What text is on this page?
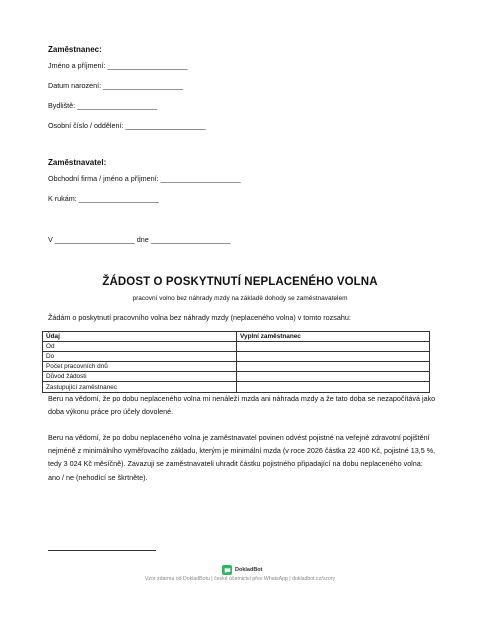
Zaměstnanec:
Jméno a příjmení: ____________________
Datum narození: ____________________
Bydliště: ____________________
Osobní číslo / oddělení: ____________________
Zaměstnavatel:
Obchodní firma / jméno a příjmení: ____________________
K rukám: ____________________
V ____________________ dne ____________________
ŽÁDOST O POSKYTNUTÍ NEPLACENÉHO VOLNA
pracovní volno bez náhrady mzdy na základě dohody se zaměstnavatelem
Žádám o poskytnutí pracovního volna bez náhrady mzdy (neplaceného volna) v tomto rozsahu:
Údaj	Vyplní zaměstnanec
Od	
Do	
Počet pracovních dnů	
Důvod žádosti	
Zastupující zaměstnanec	
Beru na vědomí, že po dobu neplaceného volna mi nenáleží mzda ani náhrada mzdy a že tato doba se nezapočítává jako doba výkonu práce pro účely dovolené.
Beru na vědomí, že po dobu neplaceného volna je zaměstnavatel povinen odvést pojistné na veřejné zdravotní pojištění nejméně z minimálního vyměřovacího základu, kterým je minimální mzda (v roce 2026 částka 22 400 Kč, pojistné 13,5 %, tedy 3 024 Kč měsíčně). Zavazuji se zaměstnavateli uhradit částku pojistného připadající na dobu neplaceného volna: ano / ne (nehodící se škrtněte).
DokladBot
Vzor zdarma od DokladBotu | české účetnictví přes WhatsApp | dokladbot.cz/vzory
